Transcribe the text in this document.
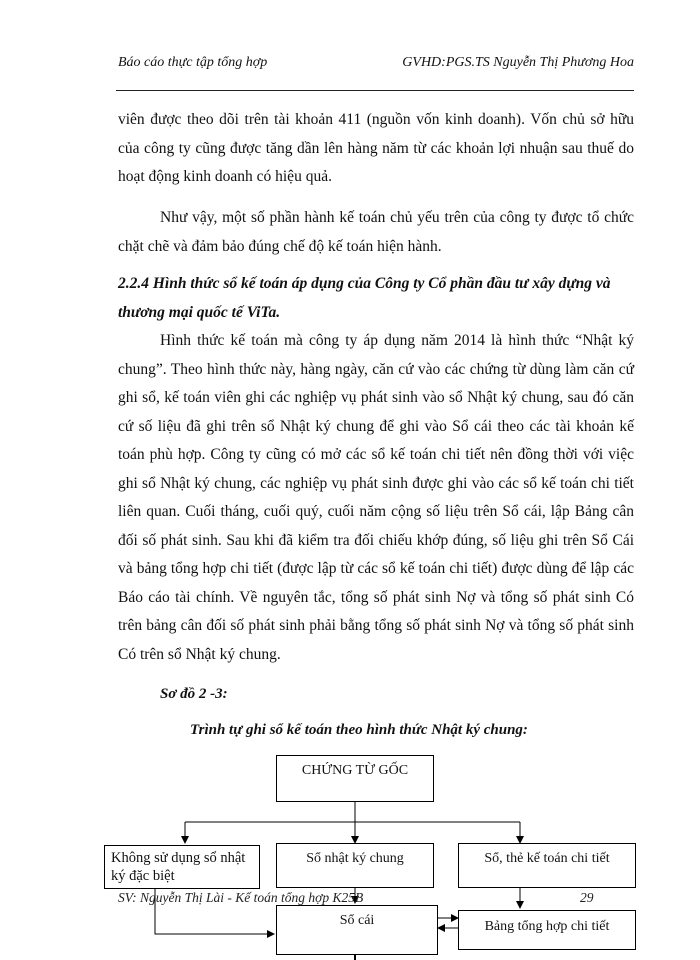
Báo cáo thực tập tổng hợp	GVHD:PGS.TS Nguyễn Thị Phương Hoa

viên được theo dõi trên tài khoản 411 (nguồn vốn kinh doanh). Vốn chủ sở hữu của công ty cũng được tăng dần lên hàng năm từ các khoản lợi nhuận sau thuế do hoạt động kinh doanh có hiệu quả.

Như vậy, một số phần hành kế toán chủ yếu trên của công ty được tổ chức chặt chẽ và đảm bảo đúng chế độ kế toán hiện hành.

2.2.4 Hình thức sổ kế toán áp dụng của Công ty Cổ phần đầu tư xây dựng và thương mại quốc tế ViTa.

Hình thức kế toán mà công ty áp dụng năm 2014 là hình thức “Nhật ký chung”. Theo hình thức này, hàng ngày, căn cứ vào các chứng từ dùng làm căn cứ ghi sổ, kế toán viên ghi các nghiệp vụ phát sinh vào sổ Nhật ký chung, sau đó căn cứ số liệu đã ghi trên sổ Nhật ký chung để ghi vào Sổ cái theo các tài khoản kế toán phù hợp. Công ty cũng có mở các sổ kế toán chi tiết nên đồng thời với việc ghi sổ Nhật ký chung, các nghiệp vụ phát sinh được ghi vào các sổ kế toán chi tiết liên quan. Cuối tháng, cuối quý, cuối năm cộng số liệu trên Sổ cái, lập Bảng cân đối số phát sinh. Sau khi đã kiểm tra đối chiếu khớp đúng, số liệu ghi trên Sổ Cái và bảng tổng hợp chi tiết (được lập từ các sổ kế toán chi tiết) được dùng để lập các Báo cáo tài chính. Về nguyên tắc, tổng số phát sinh Nợ và tổng số phát sinh Có trên bảng cân đối số phát sinh phải bằng tổng số phát sinh Nợ và tổng số phát sinh Có trên sổ Nhật ký chung.

Sơ đồ 2 -3:
Trình tự ghi sổ kế toán theo hình thức Nhật ký chung:
CHỨNG TỪ GỐC
Không sử dụng sổ nhật ký đặc biệt
Sổ nhật ký chung	Sổ, thẻ kế toán chi tiết
Sổ cái	Bảng tổng hợp chi tiết
SV: Nguyễn Thị Lài - Kế toán tổng hợp K25B	29
